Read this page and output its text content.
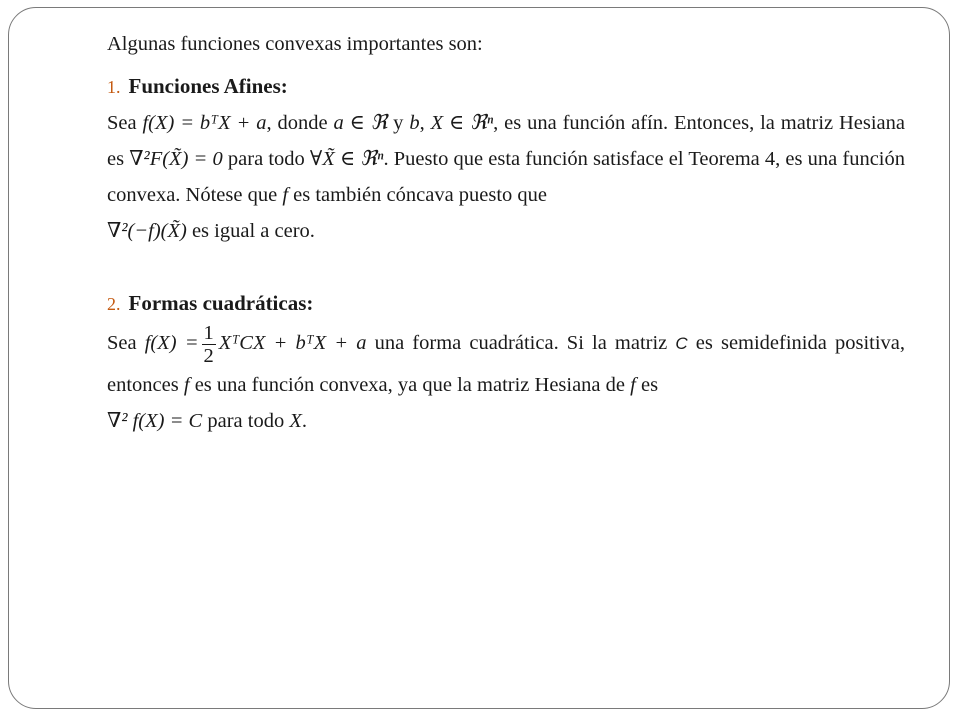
Algunas funciones convexas importantes son:

1. Funciones Afines:

Sea f(X) = bᵀX + a, donde a ∈ ℜ y b, X ∈ ℜⁿ, es una función afín. Entonces, la matriz Hesiana es ∇²F(X̃) = 0 para todo ∀X̃ ∈ ℜⁿ. Puesto que esta función satisface el Teorema 4, es una función convexa. Nótese que f es también cóncava puesto que
∇²(−f)(X̃) es igual a cero.

2. Formas cuadráticas:

Sea $f(X) = \frac{1}{2}$ XᵀCX + bᵀX + a una forma cuadrática. Si la matriz C es semidefinida positiva, entonces f es una función convexa, ya que la matriz Hesiana de f es
∇² f(X) = C para todo X.
